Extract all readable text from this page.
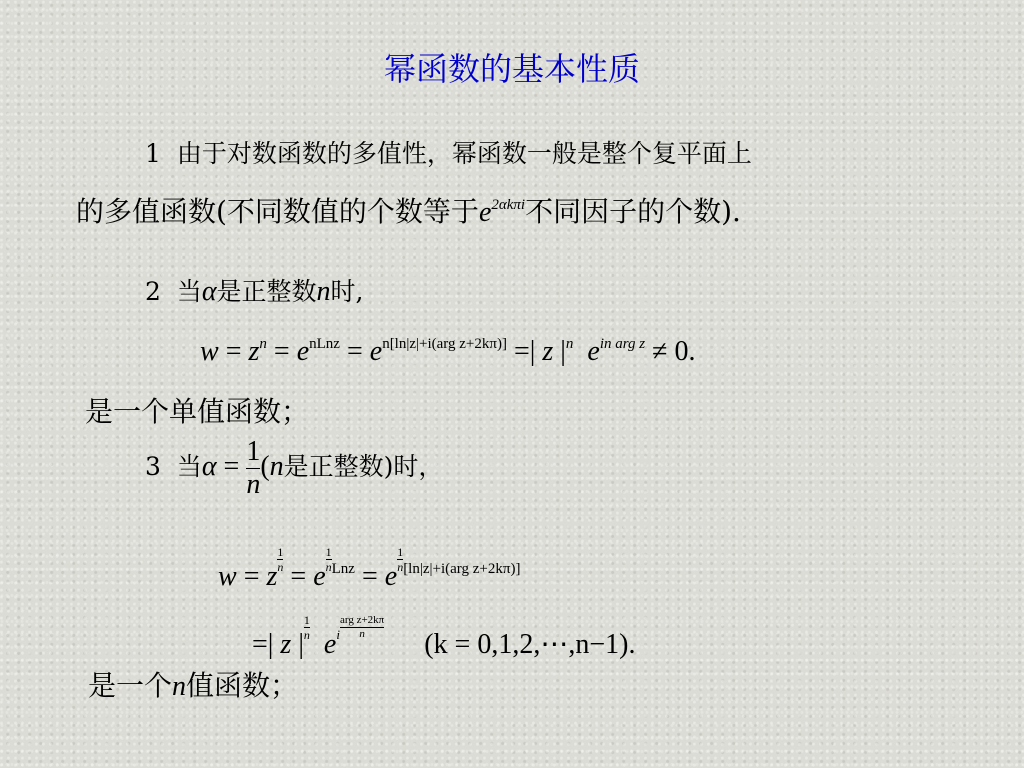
幂函数的基本性质
1 由于对数函数的多值性，幂函数一般是整个复平面上
的多值函数(不同数值的个数等于$e^{2\alpha k\pi i}$不同因子的个数).
2 当α是正整数n时,
$w = z^n = e^{nLnz} = e^{n[ln|z|+i(arg z+2k\pi)]}$ =| z $|^n$ $e^{in arg z} \ne 0$.
是一个单值函数；
3 当$\alpha = \frac{1}{n} (n$是正整数)时，
w = z
$\frac{1}{n}$
= e
$\frac{1}{n} ^{Lnz} = e$
$\frac{1}{n} [\ln|z|+i(arg z+2k\pi)]$
=| z |
$\frac{1}{n}$
$e^i \frac{\text{arg z+2kπ}}{n}$
(k = 0,1,2,⋯,n−1).
是一个n值函数；
